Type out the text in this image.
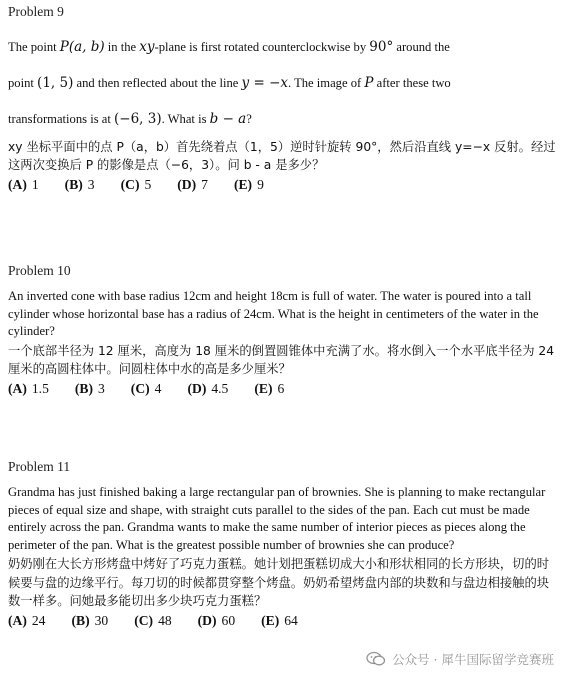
Problem 9
The point P(a, b) in the xy-plane is first rotated counterclockwise by 90° around the
point (1, 5) and then reflected about the line y = −x. The image of P after these two
transformations is at (−6, 3). What is b − a?

xy 坐标平面中的点 P（a，b）首先绕着点（1，5）逆时针旋转 90°，然后沿直线 y=−x 反射。经过这两次变换后 P 的影像是点（−6，3）。问 b - a 是多少？

(A) 1 (B) 3 (C) 5 (D) 7 (E) 9
Problem 10

An inverted cone with base radius 12cm and height 18cm is full of water. The water is poured into a tall cylinder whose horizontal base has a radius of 24cm. What is the height in centimeters of the water in the cylinder?

一个底部半径为 12 厘米，高度为 18 厘米的倒置圆锥体中充满了水。将水倒入一个水平底半径为 24 厘米的高圆柱体中。问圆柱体中水的高是多少厘米？

(A) 1.5 (B) 3 (C) 4 (D) 4.5 (E) 6
Problem 11

Grandma has just finished baking a large rectangular pan of brownies. She is planning to make rectangular pieces of equal size and shape, with straight cuts parallel to the sides of the pan. Each cut must be made entirely across the pan. Grandma wants to make the same number of interior pieces as pieces along the perimeter of the pan. What is the greatest possible number of brownies she can produce?

奶奶刚在大长方形烤盘中烤好了巧克力蛋糕。她计划把蛋糕切成大小和形状相同的长方形块，切的时候要与盘的边缘平行。每刀切的时候都贯穿整个烤盘。奶奶希望烤盘内部的块数和与盘边相接触的块数一样多。问她最多能切出多少块巧克力蛋糕？

(A) 24 (B) 30 (C) 48 (D) 60 (E) 64
公众号 · 犀牛国际留学竞赛班
